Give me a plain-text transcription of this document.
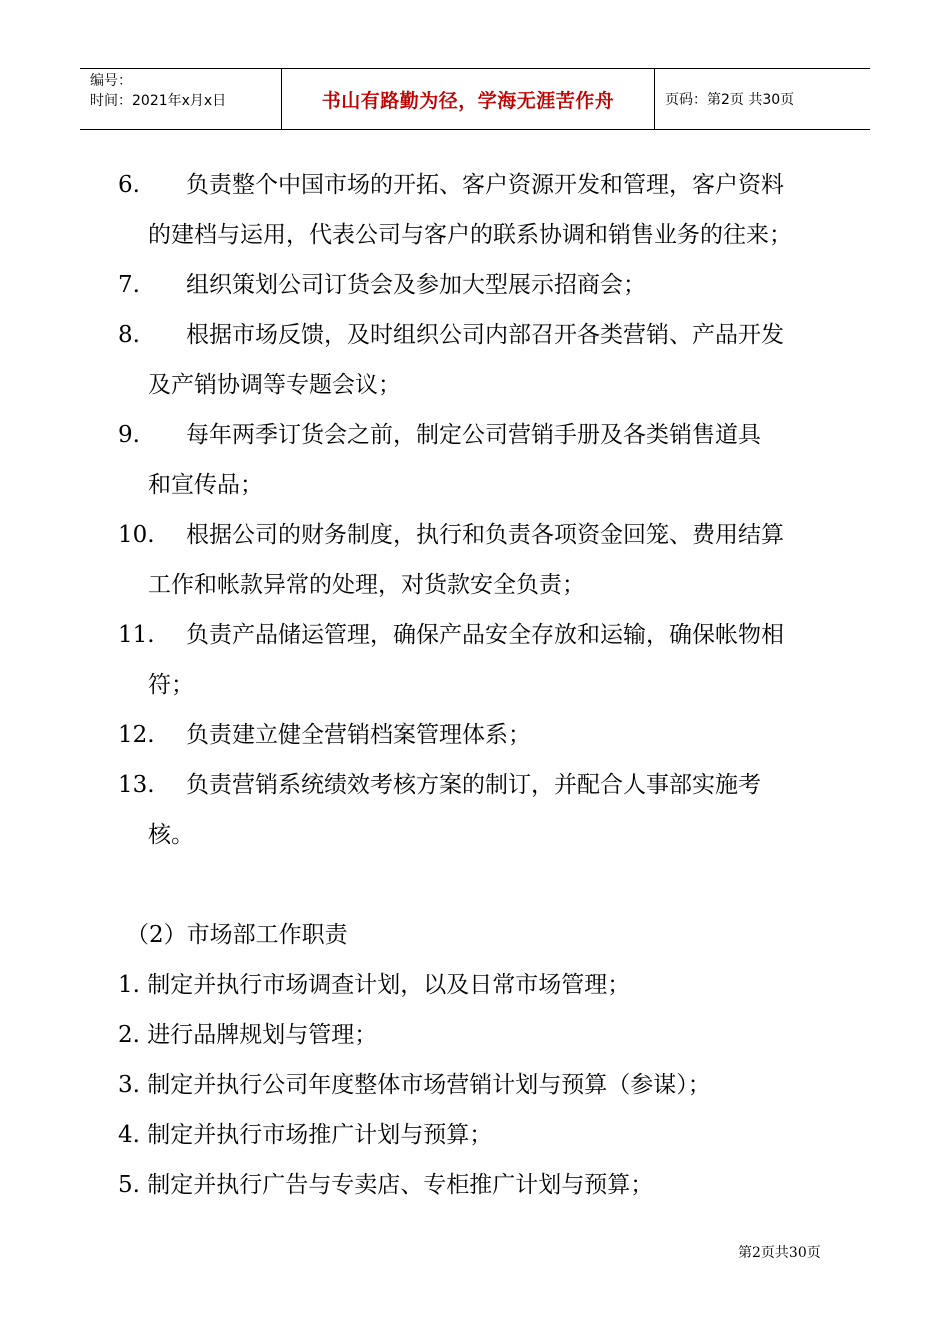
编号：
时间：2021年x月x日	书山有路勤为径，学海无涯苦作舟	页码：第2页 共30页
6.	负责整个中国市场的开拓、客户资源开发和管理，客户资料
的建档与运用，代表公司与客户的联系协调和销售业务的往来；
7.	组织策划公司订货会及参加大型展示招商会；
8.	根据市场反馈，及时组织公司内部召开各类营销、产品开发
及产销协调等专题会议；
9.	每年两季订货会之前，制定公司营销手册及各类销售道具
和宣传品；
10.	根据公司的财务制度，执行和负责各项资金回笼、费用结算
工作和帐款异常的处理，对货款安全负责；
11.	负责产品储运管理，确保产品安全存放和运输，确保帐物相
符；
12.	负责建立健全营销档案管理体系；
13.	负责营销系统绩效考核方案的制订，并配合人事部实施考
核。
（2）市场部工作职责
1. 制定并执行市场调查计划，以及日常市场管理；
2. 进行品牌规划与管理；
3. 制定并执行公司年度整体市场营销计划与预算（参谋）；
4. 制定并执行市场推广计划与预算；
5. 制定并执行广告与专卖店、专柜推广计划与预算；
第2页共30页
